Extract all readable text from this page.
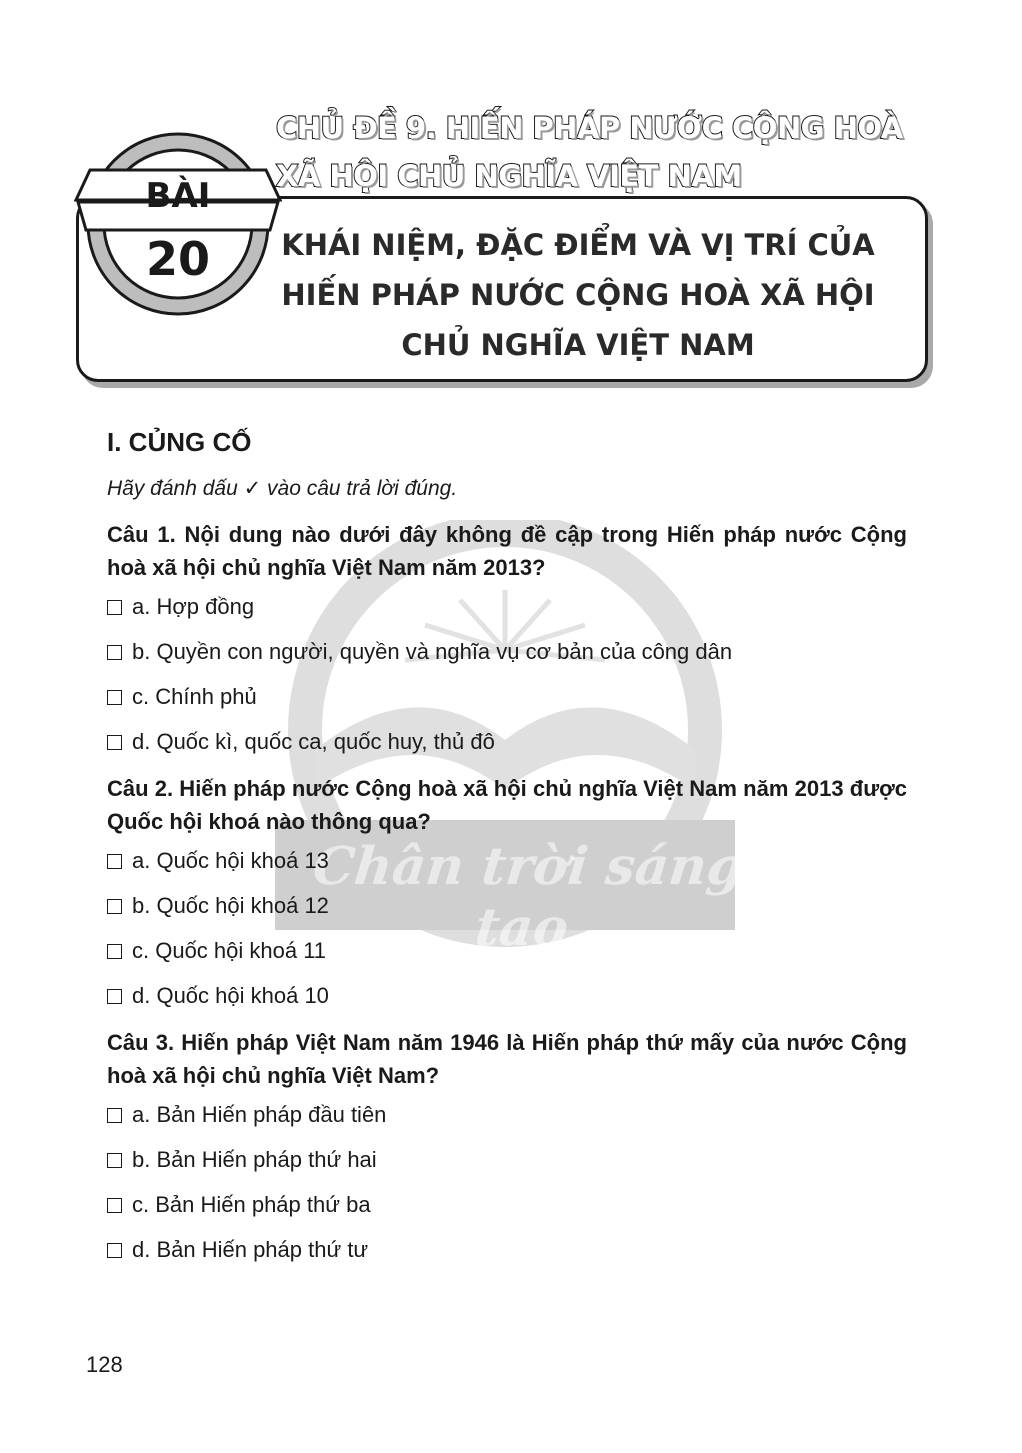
Chân trời sáng tạo
CHỦ ĐỀ 9. HIẾN PHÁP NƯỚC CỘNG HOÀ
XÃ HỘI CHỦ NGHĨA VIỆT NAM
BÀI
20	KHÁI NIỆM, ĐẶC ĐIỂM VÀ VỊ TRÍ CỦA
HIẾN PHÁP NƯỚC CỘNG HOÀ XÃ HỘI
CHỦ NGHĨA VIỆT NAM
I. CỦNG CỐ
Hãy đánh dấu ✓ vào câu trả lời đúng.
Câu 1. Nội dung nào dưới đây không đề cập trong Hiến pháp nước Cộng hoà xã hội chủ nghĩa Việt Nam năm 2013?
a. Hợp đồng
b. Quyền con người, quyền và nghĩa vụ cơ bản của công dân
c. Chính phủ
d. Quốc kì, quốc ca, quốc huy, thủ đô
Câu 2. Hiến pháp nước Cộng hoà xã hội chủ nghĩa Việt Nam năm 2013 được Quốc hội khoá nào thông qua?
a. Quốc hội khoá 13
b. Quốc hội khoá 12
c. Quốc hội khoá 11
d. Quốc hội khoá 10
Câu 3. Hiến pháp Việt Nam năm 1946 là Hiến pháp thứ mấy của nước Cộng hoà xã hội chủ nghĩa Việt Nam?
a. Bản Hiến pháp đầu tiên
b. Bản Hiến pháp thứ hai
c. Bản Hiến pháp thứ ba
d. Bản Hiến pháp thứ tư
128
